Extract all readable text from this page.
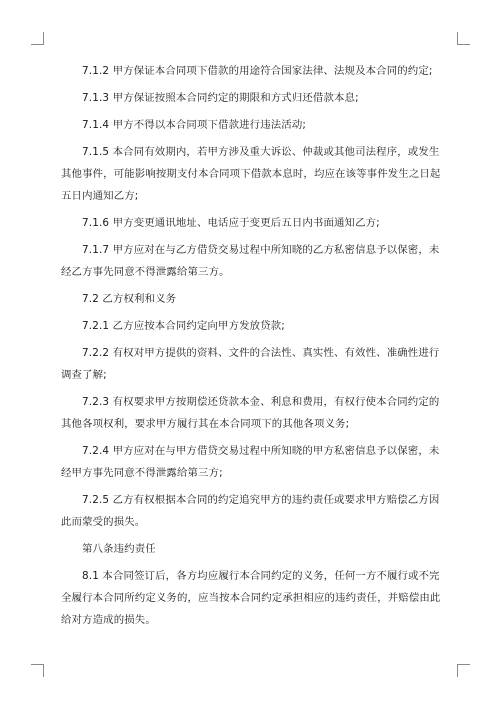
7.1.2 甲方保证本合同项下借款的用途符合国家法律、法规及本合同的约定;

7.1.3 甲方保证按照本合同约定的期限和方式归还借款本息;

7.1.4 甲方不得以本合同项下借款进行违法活动;

7.1.5 本合同有效期内，若甲方涉及重大诉讼、仲裁或其他司法程序，或发生其他事件，可能影响按期支付本合同项下借款本息时，均应在该等事件发生之日起五日内通知乙方;

7.1.6 甲方变更通讯地址、电话应于变更后五日内书面通知乙方;

7.1.7 甲方应对在与乙方借贷交易过程中所知晓的乙方私密信息予以保密，未经乙方事先同意不得泄露给第三方。

7.2 乙方权利和义务

7.2.1 乙方应按本合同约定向甲方发放贷款;

7.2.2 有权对甲方提供的资料、文件的合法性、真实性、有效性、准确性进行调查了解;

7.2.3 有权要求甲方按期偿还贷款本金、利息和费用，有权行使本合同约定的其他各项权利，要求甲方履行其在本合同项下的其他各项义务;

7.2.4 甲方应对在与甲方借贷交易过程中所知晓的甲方私密信息予以保密，未经甲方事先同意不得泄露给第三方;

7.2.5 乙方有权根据本合同的约定追究甲方的违约责任或要求甲方赔偿乙方因此而蒙受的损失。

第八条违约责任

8.1 本合同签订后，各方均应履行本合同约定的义务，任何一方不履行或不完全履行本合同所约定义务的，应当按本合同约定承担相应的违约责任，并赔偿由此给对方造成的损失。
